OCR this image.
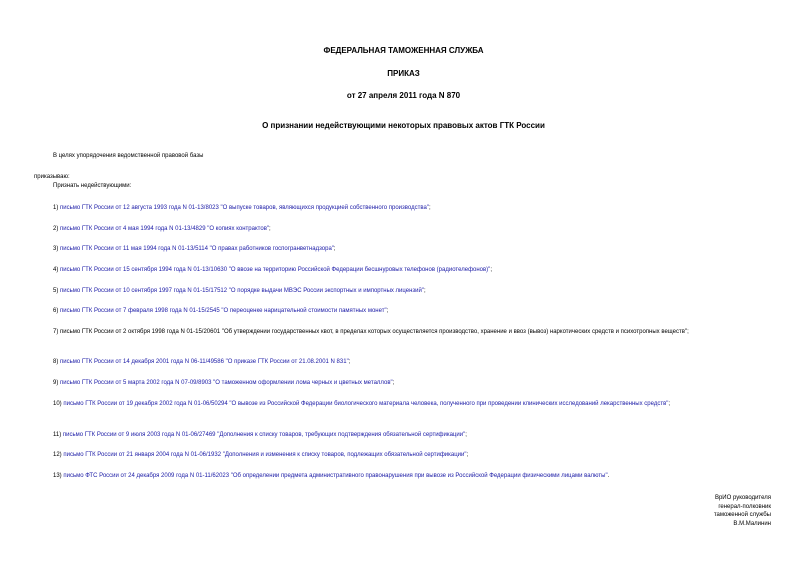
ФЕДЕРАЛЬНАЯ ТАМОЖЕННАЯ СЛУЖБА

ПРИКАЗ

от 27 апреля 2011 года N 870

О признании недействующими некоторых правовых актов ГТК России

В целях упорядочения ведомственной правовой базы

приказываю:

Признать недействующими:

1) письмо ГТК России от 12 августа 1993 года N 01-13/8023 "О выпуске товаров, являющихся продукцией собственного производства";
2) письмо ГТК России от 4 мая 1994 года N 01-13/4829 "О копиях контрактов";
3) письмо ГТК России от 11 мая 1994 года N 01-13/5114 "О правах работников госпогранветнадзора";
4) письмо ГТК России от 15 сентября 1994 года N 01-13/10630 "О ввозе на территорию Российской Федерации бесшнуровых телефонов (радиотелефонов)";
5) письмо ГТК России от 10 сентября 1997 года N 01-15/17512 "О порядке выдачи МВЭС России экспортных и импортных лицензий";
6) письмо ГТК России от 7 февраля 1998 года N 01-15/2545 "О переоценке нарицательной стоимости памятных монет";
7) письмо ГТК России от 2 октября 1998 года N 01-15/20601 "Об утверждении государственных квот, в пределах которых осуществляется производство, хранение и ввоз (вывоз) наркотических средств и психотропных веществ";
8) письмо ГТК России от 14 декабря 2001 года N 06-11/49586 "О приказе ГТК России от 21.08.2001 N 831";
9) письмо ГТК России от 5 марта 2002 года N 07-09/8903 "О таможенном оформлении лома черных и цветных металлов";
10) письмо ГТК России от 19 декабря 2002 года N 01-06/50294 "О вывозе из Российской Федерации биологического материала человека, полученного при проведении клинических исследований лекарственных средств";
11) письмо ГТК России от 9 июля 2003 года N 01-06/27469 "Дополнения к списку товаров, требующих подтверждения обязательной сертификации";
12) письмо ГТК России от 21 января 2004 года N 01-06/1932 "Дополнения и изменения к списку товаров, подлежащих обязательной сертификации";
13) письмо ФТС России от 24 декабря 2009 года N 01-11/62023 "Об определении предмета административного правонарушения при вывозе из Российской Федерации физическими лицами валюты".
ВрИО руководителя
генерал-полковник
таможенной службы
В.М.Малинин
